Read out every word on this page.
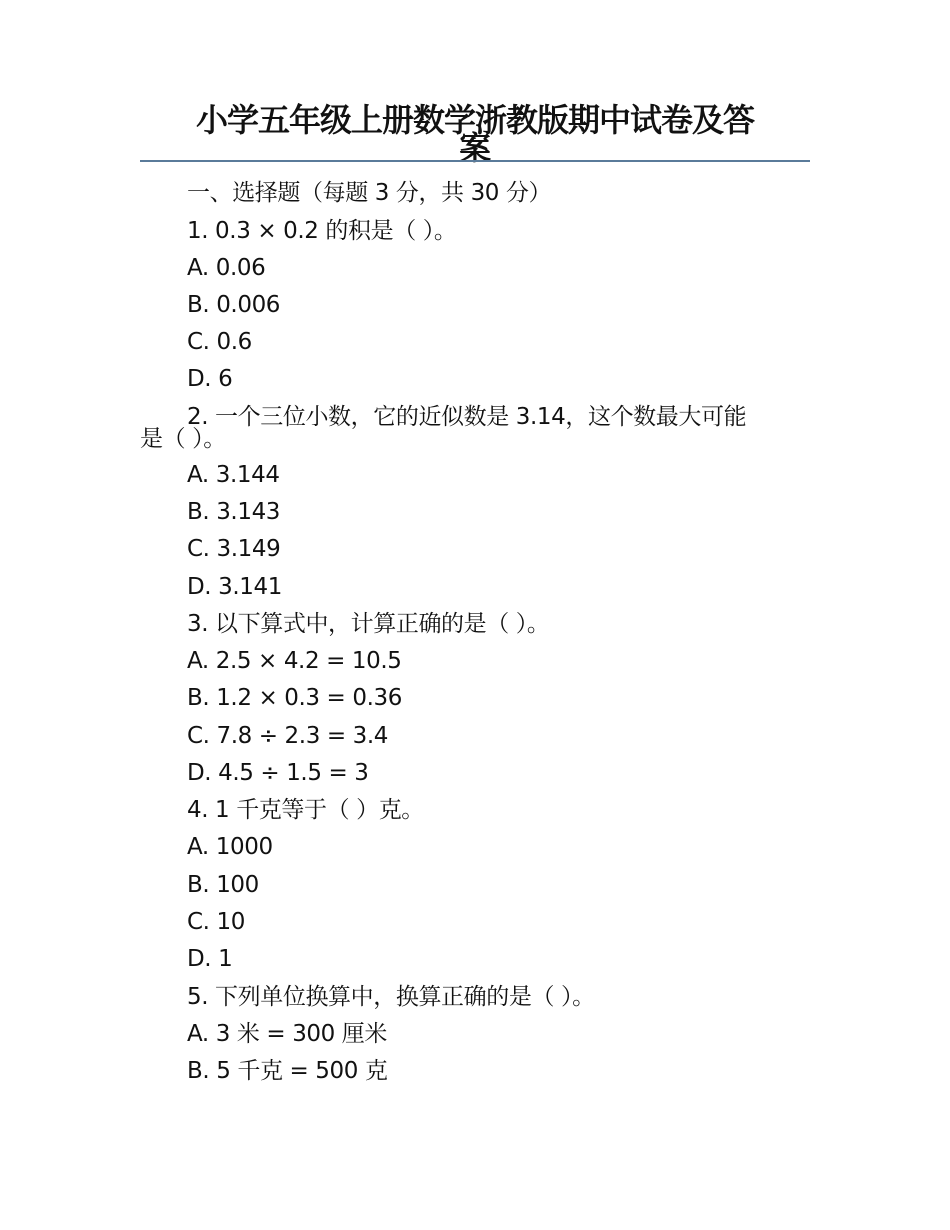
小学五年级上册数学浙教版期中试卷及答
案
一、选择题（每题 3 分，共 30 分）
1. 0.3 × 0.2 的积是（ ）。
A. 0.06
B. 0.006
C. 0.6
D. 6
2. 一个三位小数，它的近似数是 3.14，这个数最大可能
是（ ）。
A. 3.144
B. 3.143
C. 3.149
D. 3.141
3. 以下算式中，计算正确的是（ ）。
A. 2.5 × 4.2 = 10.5
B. 1.2 × 0.3 = 0.36
C. 7.8 ÷ 2.3 = 3.4
D. 4.5 ÷ 1.5 = 3
4. 1 千克等于（ ）克。
A. 1000
B. 100
C. 10
D. 1
5. 下列单位换算中，换算正确的是（ ）。
A. 3 米 = 300 厘米
B. 5 千克 = 500 克
